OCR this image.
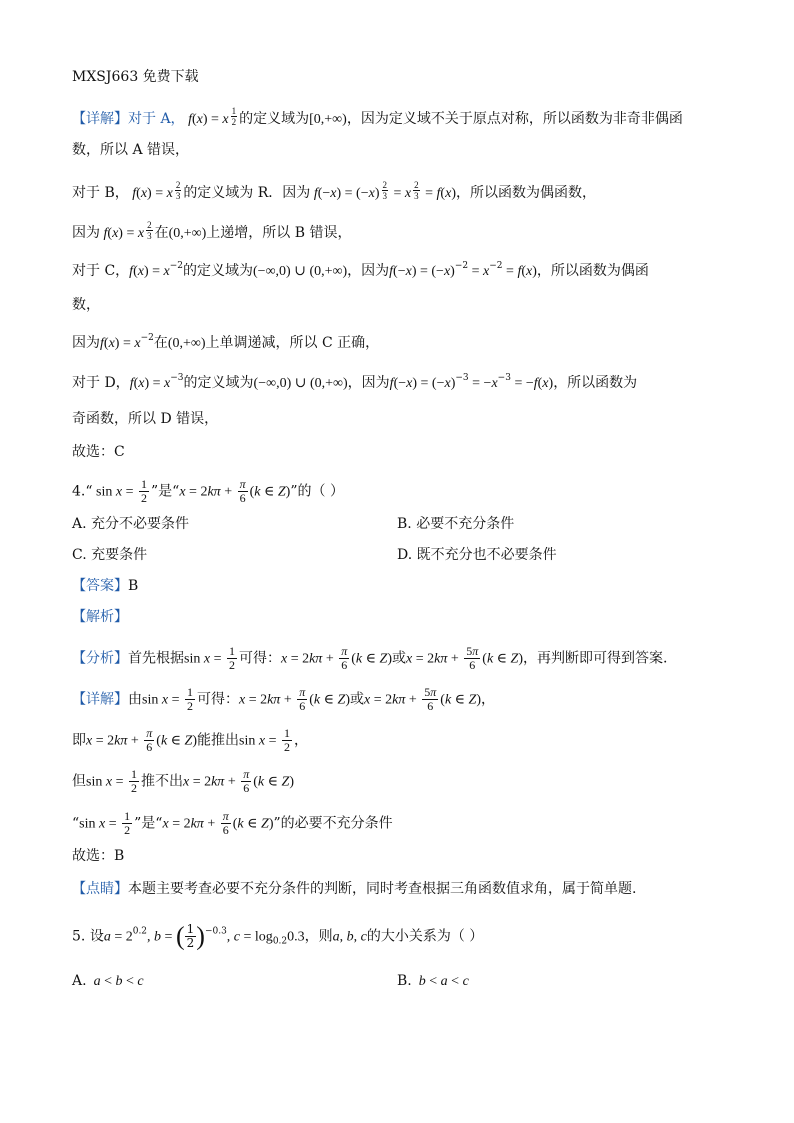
MXSJ663 免费下载
【详解】对于 A， f(x) = x $\frac{1}{2}$ 的定义域为[0,+∞)，因为定义域不关于原点对称，所以函数为非奇非偶函
数，所以 A 错误，
对于 B， f(x) = x $\frac{2}{3}$ 的定义域为 R．因为 $f(-x) = (-x) \frac{2}{3} = x \frac{2}{3} = f(x)$，所以函数为偶函数，
因为 f(x) = x $\frac{2}{3}$ 在(0,+∞)上递增，所以 B 错误，
对于 C，$f(x) = x^{-2}$的定义域为(−∞,0) ∪ (0,+∞)，因为$f(-x) = (-x)^{-2} = x^{-2} = f(x)$，所以函数为偶函
数，
因为$f(x) = x^{-2}$在(0,+∞)上单调递减，所以 C 正确，
对于 D，$f(x) = x^{-3}$的定义域为(−∞,0) ∪ (0,+∞)，因为$f(-x) = (-x)^{-3} = -x^{-3} = -f(x)$，所以函数为
奇函数，所以 D 错误，
故选：C
4.“ $\sin x = \frac{1}{2}$ ”是“$x = 2k\pi + \frac{\pi}{6} (k$ ∈ Z)”的（ ）
A. 充分不必要条件	B. 必要不充分条件
C. 充要条件	D. 既不充分也不必要条件
【答案】B
【解析】
【分析】首先根据$\sin x = \frac{1}{2}$ 可得：$x = 2k\pi + \frac{\pi}{6} (k$ ∈ Z)或$x = 2k\pi + \frac{5\pi}{6} (k$ ∈ Z)，再判断即可得到答案.
【详解】由$\sin x = \frac{1}{2}$ 可得：$x = 2k\pi + \frac{\pi}{6} (k$ ∈ Z)或$x = 2k\pi + \frac{5\pi}{6} (k$ ∈ Z)，
即$x = 2k\pi + \frac{\pi}{6} (k$ ∈ Z)能推出$\sin x = \frac{1}{2}$ ，
但$\sin x = \frac{1}{2}$ 推不出$x = 2k\pi + \frac{\pi}{6} (k$ ∈ Z)
“sin $x = \frac{1}{2}$ ”是“$x = 2k\pi + \frac{\pi}{6} (k$ ∈ Z)”的必要不充分条件
故选：B
【点睛】本题主要考查必要不充分条件的判断，同时考查根据三角函数值求角，属于简单题.
5. 设$a = 2^{0.2}$, b = ( $\frac{1}{2} )^{-0.3}$, $c = \log_{0.2}0.3$，则a, b, c的大小关系为（ ）
A.  a < b < c	B.  b < a < c
